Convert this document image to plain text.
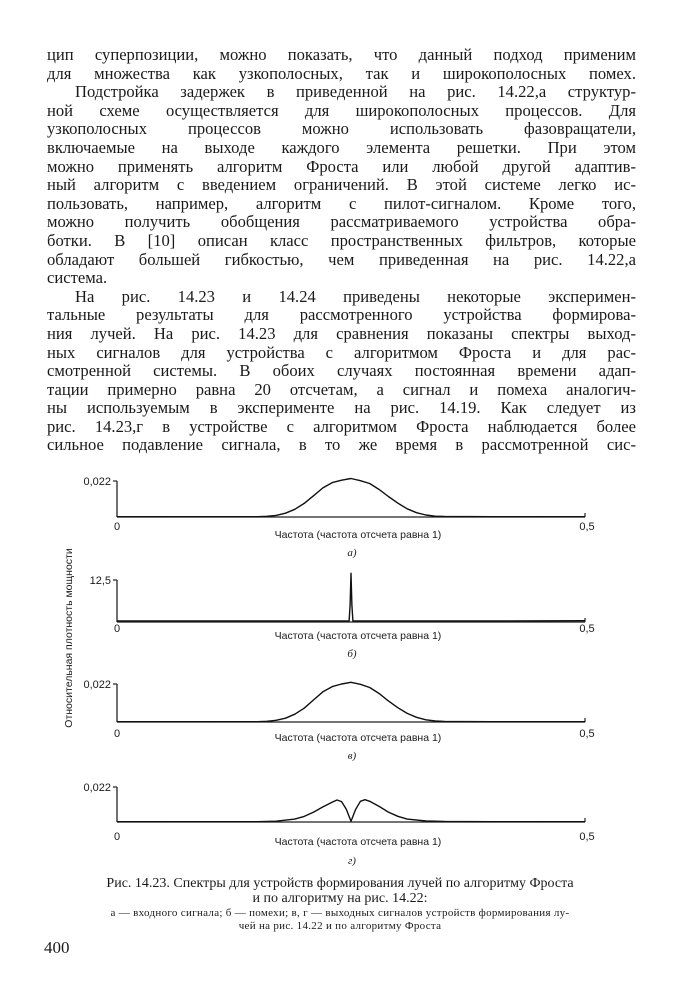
цип суперпозиции, можно показать, что данный подход применим
для множества как узкополосных, так и широкополосных помех.
Подстройка задержек в приведенной на рис. 14.22,а структур-
ной схеме осуществляется для широкополосных процессов. Для
узкополосных процессов можно использовать фазовращатели,
включаемые на выходе каждого элемента решетки. При этом
можно применять алгоритм Фроста или любой другой адаптив-
ный алгоритм с введением ограничений. В этой системе легко ис-
пользовать, например, алгоритм с пилот-сигналом. Кроме того,
можно получить обобщения рассматриваемого устройства обра-
ботки. В [10] описан класс пространственных фильтров, которые
обладают большей гибкостью, чем приведенная на рис. 14.22,а
система.
На рис. 14.23 и 14.24 приведены некоторые эксперимен-
тальные результаты для рассмотренного устройства формирова-
ния лучей. На рис. 14.23 для сравнения показаны спектры выход-
ных сигналов для устройства с алгоритмом Фроста и для рас-
смотренной системы. В обоих случаях постоянная времени адап-
тации примерно равна 20 отсчетам, а сигнал и помеха аналогич-
ны используемым в эксперименте на рис. 14.19. Как следует из
рис. 14.23,г в устройстве с алгоритмом Фроста наблюдается более
сильное подавление сигнала, в то же время в рассмотренной сис-
Относительная плотность мощности
0,022
0	0,5
Частота (частота отсчета равна 1)
а)
12,5
0	0,5
Частота (частота отсчета равна 1)
б)
0,022
0	0,5
Частота (частота отсчета равна 1)
в)
0,022
0	0,5
Частота (частота отсчета равна 1)
г)
Рис. 14.23. Спектры для устройств формирования лучей по алгоритму Фроста
и по алгоритму на рис. 14.22:
а — входного сигнала; б — помехи; в, г — выходных сигналов устройств формирования лу-
чей на рис. 14.22 и по алгоритму Фроста
400
